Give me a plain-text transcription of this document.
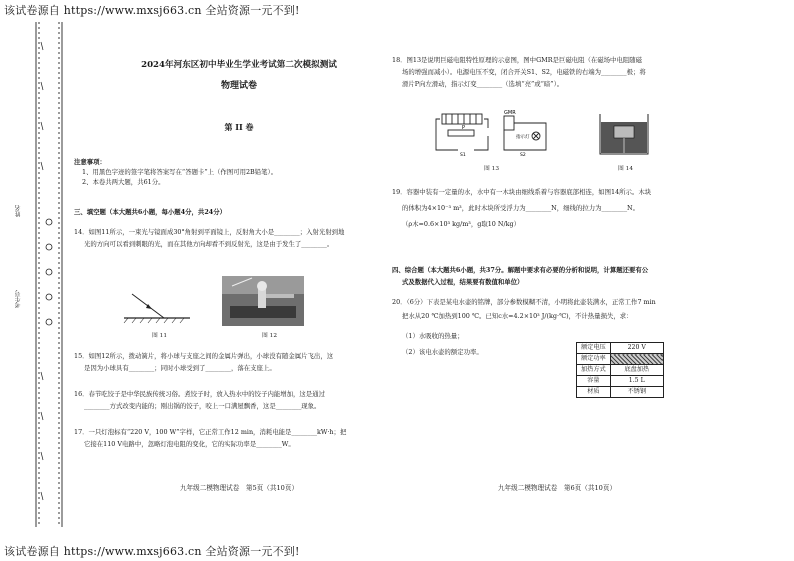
该试卷源自 https://www.mxsj663.cn 全站资源一元不到!
该试卷源自 https://www.mxsj663.cn 全站资源一元不到!
姓名
考生号
2024年河东区初中毕业生学业考试第二次模拟测试
物理试卷
第 II 卷
注意事项：
1、用黑色字迹的签字笔将答案写在“答题卡”上（作图可用2B铅笔）。
2、本卷共两大题，共61分。
三、填空题（本大题共6小题，每小题4分，共24分）
14．如图11所示，一束光与镜面成30°角射到平面镜上，反射角大小是________；入射光射到地
光的方向可以看到刺眼的光，而在其他方向却看不到反射光，这是由于发生了________。
图 11	图 12
15．如图12所示，拨动簧片，将小球与支座之间的金属片弹出，小球没有随金属片飞出，这
是因为小球具有________；同时小球受到了________，落在支座上。
16．春节吃饺子是中华民族传统习俗。煮饺子时，放入热水中的饺子内能增加，这是通过
________方式改变内能的；刚出锅的饺子，咬上一口满屋飘香，这是________现象。
17．一只灯泡标有“220 V，100 W”字样，它正常工作12 min，消耗电能是________kW·h；把
它接在110 V电路中，忽略灯泡电阻的变化，它的实际功率是________W。
九年级二模物理试卷　第5页（共10页）
18．图13是说明巨磁电阻特性原理的示意图，图中GMR是巨磁电阻（在磁场中电阻随磁
场的增强而减小）。电源电压不变，闭合开关S1、S2，电磁铁的右端为________极；将
滑片P向左滑动，指示灯变________（选填“亮”或“暗”）。
GMR
指示灯
P
S1	S2
图 13	图 14
19．容器中装有一定量的水，水中有一木块由细线系着与容器底部相连，如图14所示。木块
的体积为4×10⁻³ m³，此时木块所受浮力为________N，细线的拉力为________N。
（ρ木=0.6×10³ kg/m³，g取10 N/kg）
四、综合题（本大题共6小题，共37分。解题中要求有必要的分析和说明，计算题还要有公
式及数据代入过程，结果要有数值和单位）
20．（6分）下表是某电水壶的铭牌，部分参数模糊不清，小明将此壶装满水，正常工作7 min
把水从20 ℃加热到100 ℃。已知c水=4.2×10³ J/(kg·℃)，不计热量损失，求：
（1）水吸收的热量；
（2）该电水壶的额定功率。
额定电压	220 V
额定功率	
加热方式	底盘加热
容量	1.5 L
材质	不锈钢
九年级二模物理试卷　第6页（共10页）
